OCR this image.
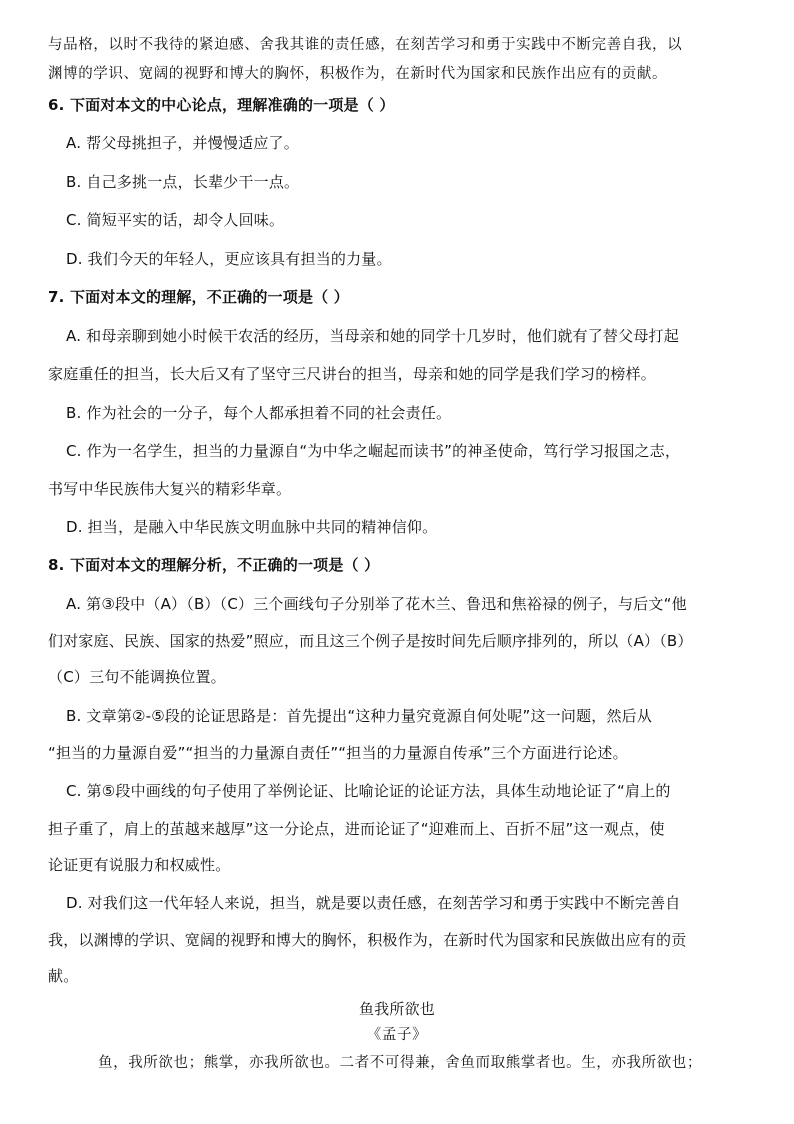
与品格，以时不我待的紧迫感、舍我其谁的责任感，在刻苦学习和勇于实践中不断完善自我，以
渊博的学识、宽阔的视野和博大的胸怀，积极作为，在新时代为国家和民族作出应有的贡献。
6. 下面对本文的中心论点，理解准确的一项是（ ）
A. 帮父母挑担子，并慢慢适应了。
B. 自己多挑一点，长辈少干一点。
C. 简短平实的话，却令人回味。
D. 我们今天的年轻人，更应该具有担当的力量。
7. 下面对本文的理解，不正确的一项是（ ）
A. 和母亲聊到她小时候干农活的经历，当母亲和她的同学十几岁时，他们就有了替父母打起
家庭重任的担当，长大后又有了坚守三尺讲台的担当，母亲和她的同学是我们学习的榜样。
B. 作为社会的一分子，每个人都承担着不同的社会责任。
C. 作为一名学生，担当的力量源自“为中华之崛起而读书”的神圣使命，笃行学习报国之志，
书写中华民族伟大复兴的精彩华章。
D. 担当，是融入中华民族文明血脉中共同的精神信仰。
8. 下面对本文的理解分析，不正确的一项是（ ）
A. 第③段中（A）（B）（C）三个画线句子分别举了花木兰、鲁迅和焦裕禄的例子，与后文“他
们对家庭、民族、国家的热爱”照应，而且这三个例子是按时间先后顺序排列的，所以（A）（B）
（C）三句不能调换位置。
B. 文章第②-⑤段的论证思路是：首先提出“这种力量究竟源自何处呢”这一问题，然后从
“担当的力量源自爱”“担当的力量源自责任”“担当的力量源自传承”三个方面进行论述。
C. 第⑤段中画线的句子使用了举例论证、比喻论证的论证方法，具体生动地论证了“肩上的
担子重了，肩上的茧越来越厚”这一分论点，进而论证了“迎难而上、百折不屈”这一观点，使
论证更有说服力和权威性。
D. 对我们这一代年轻人来说，担当，就是要以责任感，在刻苦学习和勇于实践中不断完善自
我，以渊博的学识、宽阔的视野和博大的胸怀，积极作为，在新时代为国家和民族做出应有的贡
献。
鱼我所欲也
《孟子》
鱼，我所欲也；熊掌，亦我所欲也。二者不可得兼，舍鱼而取熊掌者也。生，亦我所欲也；
